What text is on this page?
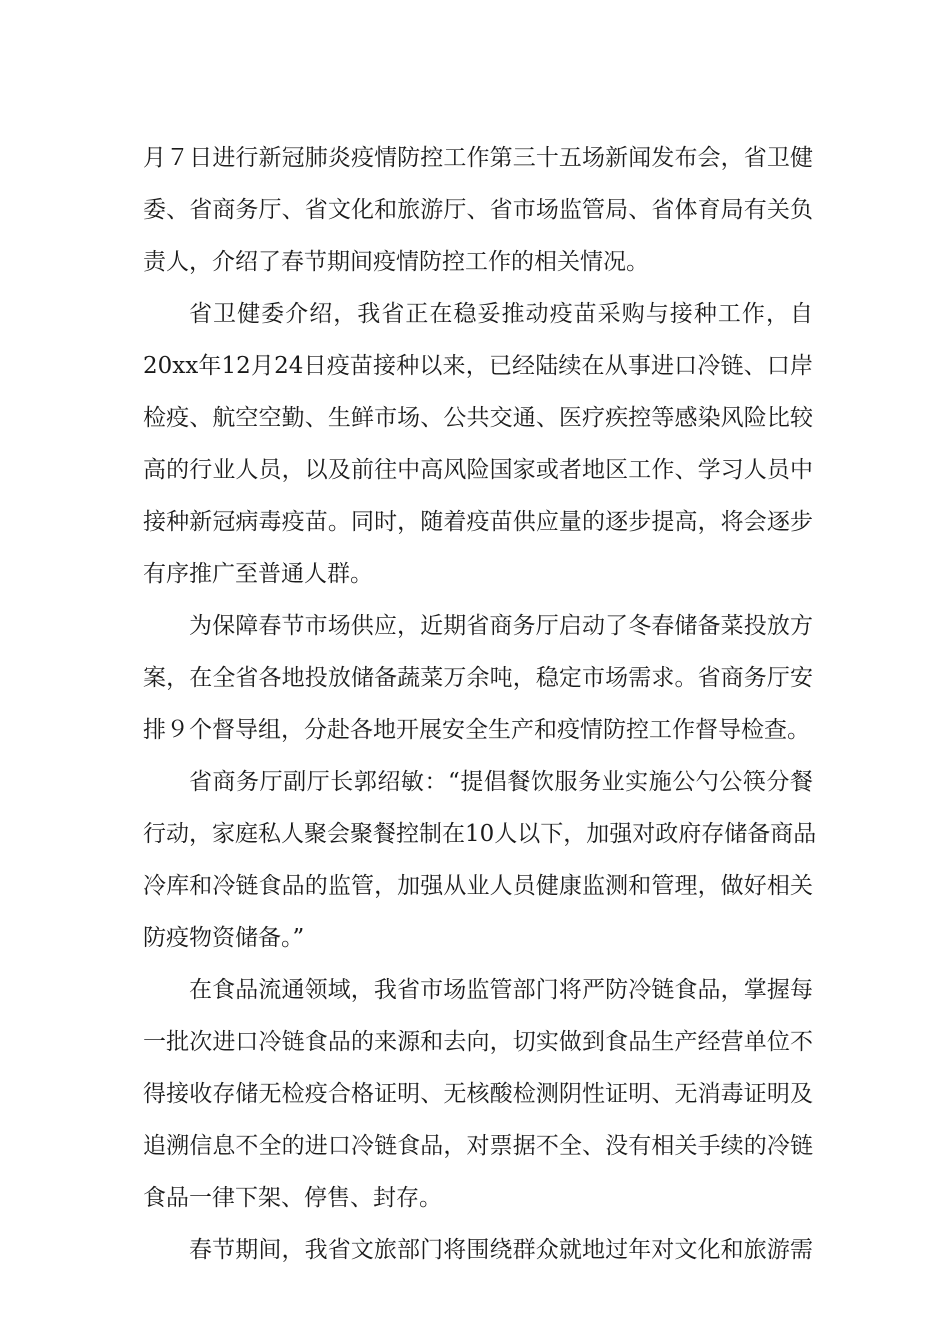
月７日进行新冠肺炎疫情防控工作第三十五场新闻发布会，省卫健
委、省商务厅、省文化和旅游厅、省市场监管局、省体育局有关负
责人，介绍了春节期间疫情防控工作的相关情况。
省卫健委介绍，我省正在稳妥推动疫苗采购与接种工作，自
20xx年12月24日疫苗接种以来，已经陆续在从事进口冷链、口岸
检疫、航空空勤、生鲜市场、公共交通、医疗疾控等感染风险比较
高的行业人员，以及前往中高风险国家或者地区工作、学习人员中
接种新冠病毒疫苗。同时，随着疫苗供应量的逐步提高，将会逐步
有序推广至普通人群。
为保障春节市场供应，近期省商务厅启动了冬春储备菜投放方
案，在全省各地投放储备蔬菜万余吨，稳定市场需求。省商务厅安
排９个督导组，分赴各地开展安全生产和疫情防控工作督导检查。
省商务厅副厅长郭绍敏：“提倡餐饮服务业实施公勺公筷分餐
行动，家庭私人聚会聚餐控制在10人以下，加强对政府存储备商品
冷库和冷链食品的监管，加强从业人员健康监测和管理，做好相关
防疫物资储备。”
在食品流通领域，我省市场监管部门将严防冷链食品，掌握每
一批次进口冷链食品的来源和去向，切实做到食品生产经营单位不
得接收存储无检疫合格证明、无核酸检测阴性证明、无消毒证明及
追溯信息不全的进口冷链食品，对票据不全、没有相关手续的冷链
食品一律下架、停售、封存。
春节期间，我省文旅部门将围绕群众就地过年对文化和旅游需
